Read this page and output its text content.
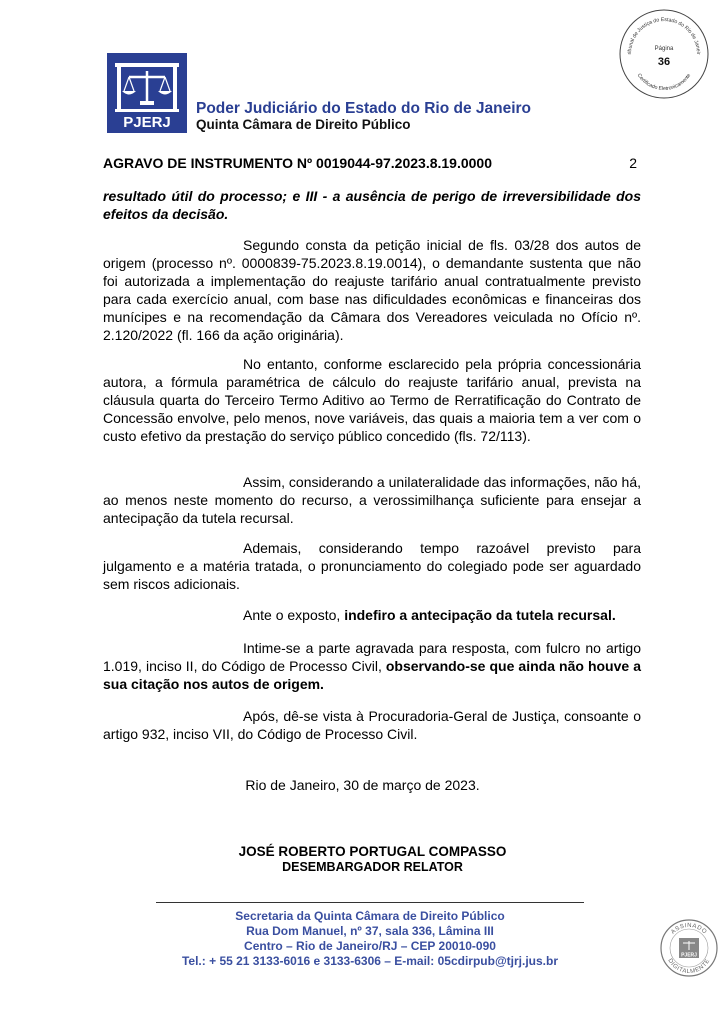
PJERJ
Poder Judiciário do Estado do Rio de Janeiro
Quinta Câmara de Direito Público
ribunal de Justiça do Estado do Rio de Janeir
Certificado Eletronicamente
Página
36
AGRAVO DE INSTRUMENTO Nº 0019044-97.2023.8.19.0000	2
resultado útil do processo; e III - a ausência de perigo de irreversibilidade dos efeitos da decisão.
Segundo consta da petição inicial de fls. 03/28 dos autos de origem (processo nº. 0000839-75.2023.8.19.0014), o demandante sustenta que não foi autorizada a implementação do reajuste tarifário anual contratualmente previsto para cada exercício anual, com base nas dificuldades econômicas e financeiras dos munícipes e na recomendação da Câmara dos Vereadores veiculada no Ofício nº. 2.120/2022 (fl. 166 da ação originária).
No entanto, conforme esclarecido pela própria concessionária autora, a fórmula paramétrica de cálculo do reajuste tarifário anual, prevista na cláusula quarta do Terceiro Termo Aditivo ao Termo de Rerratificação do Contrato de Concessão envolve, pelo menos, nove variáveis, das quais a maioria tem a ver com o custo efetivo da prestação do serviço público concedido (fls. 72/113).
Assim, considerando a unilateralidade das informações, não há, ao menos neste momento do recurso, a verossimilhança suficiente para ensejar a antecipação da tutela recursal.
Ademais, considerando tempo razoável previsto para julgamento e a matéria tratada, o pronunciamento do colegiado pode ser aguardado sem riscos adicionais.
Ante o exposto, indefiro a antecipação da tutela recursal.
Intime-se a parte agravada para resposta, com fulcro no artigo 1.019, inciso II, do Código de Processo Civil, observando-se que ainda não houve a sua citação nos autos de origem.
Após, dê-se vista à Procuradoria-Geral de Justiça, consoante o artigo 932, inciso VII, do Código de Processo Civil.
Rio de Janeiro, 30 de março de 2023.
JOSÉ ROBERTO PORTUGAL COMPASSO
DESEMBARGADOR RELATOR
Secretaria da Quinta Câmara de Direito Público
Rua Dom Manuel, nº 37, sala 336, Lâmina III
Centro – Rio de Janeiro/RJ – CEP 20010-090
Tel.: + 55 21 3133-6016 e 3133-6306 – E-mail: 05cdirpub@tjrj.jus.br
ASSINADO
DIGITALMENTE
PJERJ
